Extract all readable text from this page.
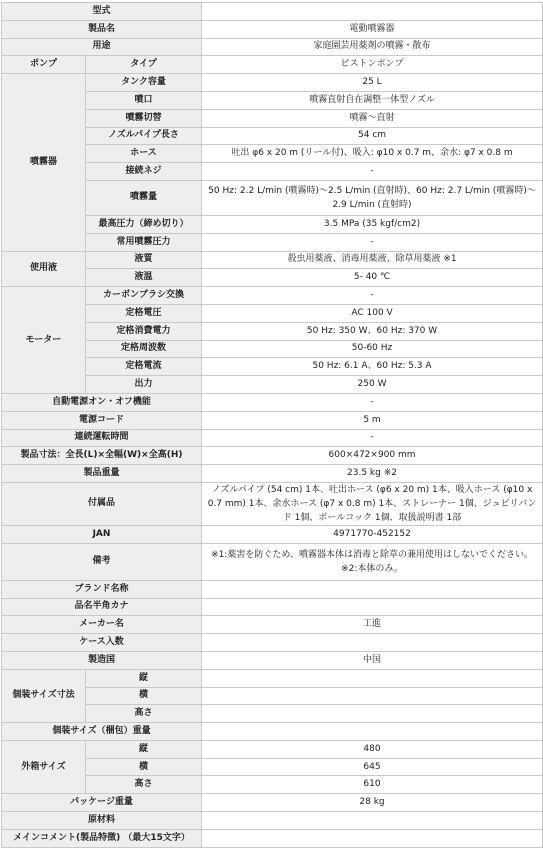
型式		
製品名		電動噴霧器
用途		家庭園芸用薬剤の噴霧・散布
ポンプ	タイプ	ピストンポンプ
噴霧器	タンク容量	25 L
	噴口	噴霧直射自在調整一体型ノズル
	噴霧切替	噴霧〜直射
	ノズルパイプ長さ	54 cm
	ホース	吐出 φ6 x 20 m (リール付)、吸入: φ10 x 0.7 m、余水: φ7 x 0.8 m
	接続ネジ	-
	噴霧量	50 Hz: 2.2 L/min (噴霧時)〜2.5 L/min (直射時)、60 Hz: 2.7 L/min (噴霧時)〜2.9 L/min (直射時)
	最高圧力（締め切り）	3.5 MPa (35 kgf/cm2)
	常用噴霧圧力	-
使用液	液質	殺虫用薬液、消毒用薬液、除草用薬液 ※1
	液温	5- 40 ℃
モーター	カーボンブラシ交換	-
	定格電圧	AC 100 V
	定格消費電力	50 Hz: 350 W、60 Hz: 370 W
	定格周波数	50-60 Hz
	定格電流	50 Hz: 6.1 A、60 Hz: 5.3 A
	出力	250 W
自動電源オン・オフ機能		-
電源コード		5 m
連続運転時間		-
製品寸法：全長(L)×全幅(W)×全高(H)		600×472×900 mm
製品重量		23.5 kg ※2
付属品		ノズルパイプ (54 cm) 1本、吐出ホース (φ6 x 20 m) 1本、吸入ホース (φ10 x 0.7 mm) 1本、余水ホース (φ7 x 0.8 m) 1本、ストレーナー 1個、ジュビリバンド 1個、ボールコック 1個、取扱説明書 1部
JAN		4971770-452152
備考		※1:薬害を防ぐため、噴霧器本体は消毒と除草の兼用使用はしないでください。※2:本体のみ。
ブランド名称		
品名半角カナ		
メーカー名		工進
ケース入数		
製造国		中国
個装サイズ寸法	縦	
	横	
	高さ	
個装サイズ（梱包）重量		
外箱サイズ	縦	480
	横	645
	高さ	610
パッケージ重量		28 kg
原材料		
メインコメント(製品特徴) （最大15文字）		
